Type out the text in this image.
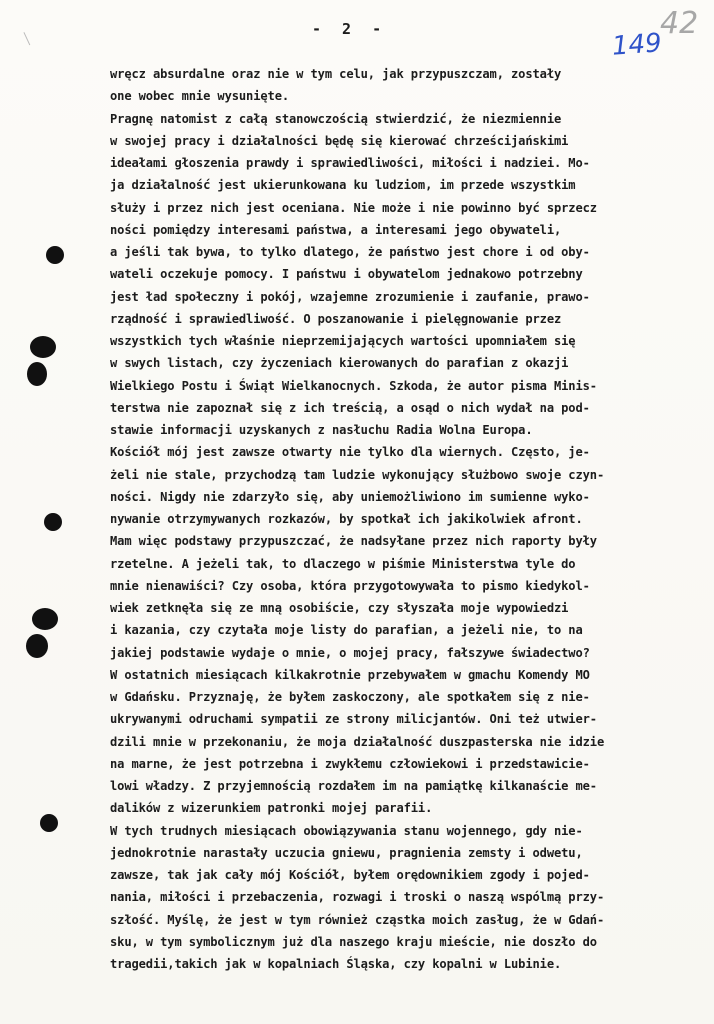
- 2 -	42
149
wręcz absurdalne oraz nie w tym celu, jak przypuszczam, zostały
one wobec mnie wysunięte.
Pragnę natomist z całą stanowczością stwierdzić, że niezmiennie
w swojej pracy i działalności będę się kierować chrześcijańskimi
ideałami głoszenia prawdy i sprawiedliwości, miłości i nadziei. Mo-
ja działalność jest ukierunkowana ku ludziom, im przede wszystkim
służy i przez nich jest oceniana. Nie może i nie powinno być sprzecz
ności pomiędzy interesami państwa, a interesami jego obywateli,
a jeśli tak bywa, to tylko dlatego, że państwo jest chore i od oby-
wateli oczekuje pomocy. I państwu i obywatelom jednakowo potrzebny
jest ład społeczny i pokój, wzajemne zrozumienie i zaufanie, prawo-
rządność i sprawiedliwość. O poszanowanie i pielęgnowanie przez
wszystkich tych właśnie nieprzemijających wartości upomniałem się
w swych listach, czy życzeniach kierowanych do parafian z okazji
Wielkiego Postu i Świąt Wielkanocnych. Szkoda, że autor pisma Minis-
terstwa nie zapoznał się z ich treścią, a osąd o nich wydał na pod-
stawie informacji uzyskanych z nasłuchu Radia Wolna Europa.
Kościół mój jest zawsze otwarty nie tylko dla wiernych. Często, je-
żeli nie stale, przychodzą tam ludzie wykonujący służbowo swoje czyn-
ności. Nigdy nie zdarzyło się, aby uniemożliwiono im sumienne wyko-
nywanie otrzymywanych rozkazów, by spotkał ich jakikolwiek afront.
Mam więc podstawy przypuszczać, że nadsyłane przez nich raporty były
rzetelne. A jeżeli tak, to dlaczego w piśmie Ministerstwa tyle do
mnie nienawiści? Czy osoba, która przygotowywała to pismo kiedykol-
wiek zetknęła się ze mną osobiście, czy słyszała moje wypowiedzi
i kazania, czy czytała moje listy do parafian, a jeżeli nie, to na
jakiej podstawie wydaje o mnie, o mojej pracy, fałszywe świadectwo?
W ostatnich miesiącach kilkakrotnie przebywałem w gmachu Komendy MO
w Gdańsku. Przyznaję, że byłem zaskoczony, ale spotkałem się z nie-
ukrywanymi odruchami sympatii ze strony milicjantów. Oni też utwier-
dzili mnie w przekonaniu, że moja działalność duszpasterska nie idzie
na marne, że jest potrzebna i zwykłemu człowiekowi i przedstawicie-
lowi władzy. Z przyjemnością rozdałem im na pamiątkę kilkanaście me-
dalików z wizerunkiem patronki mojej parafii.
W tych trudnych miesiącach obowiązywania stanu wojennego, gdy nie-
jednokrotnie narastały uczucia gniewu, pragnienia zemsty i odwetu,
zawsze, tak jak cały mój Kościół, byłem orędownikiem zgody i pojed-
nania, miłości i przebaczenia, rozwagi i troski o naszą wspólmą przy-
szłość. Myślę, że jest w tym również cząstka moich zasług, że w Gdań-
sku, w tym symbolicznym już dla naszego kraju mieście, nie doszło do
tragedii,takich jak w kopalniach Śląska, czy kopalni w Lubinie.
